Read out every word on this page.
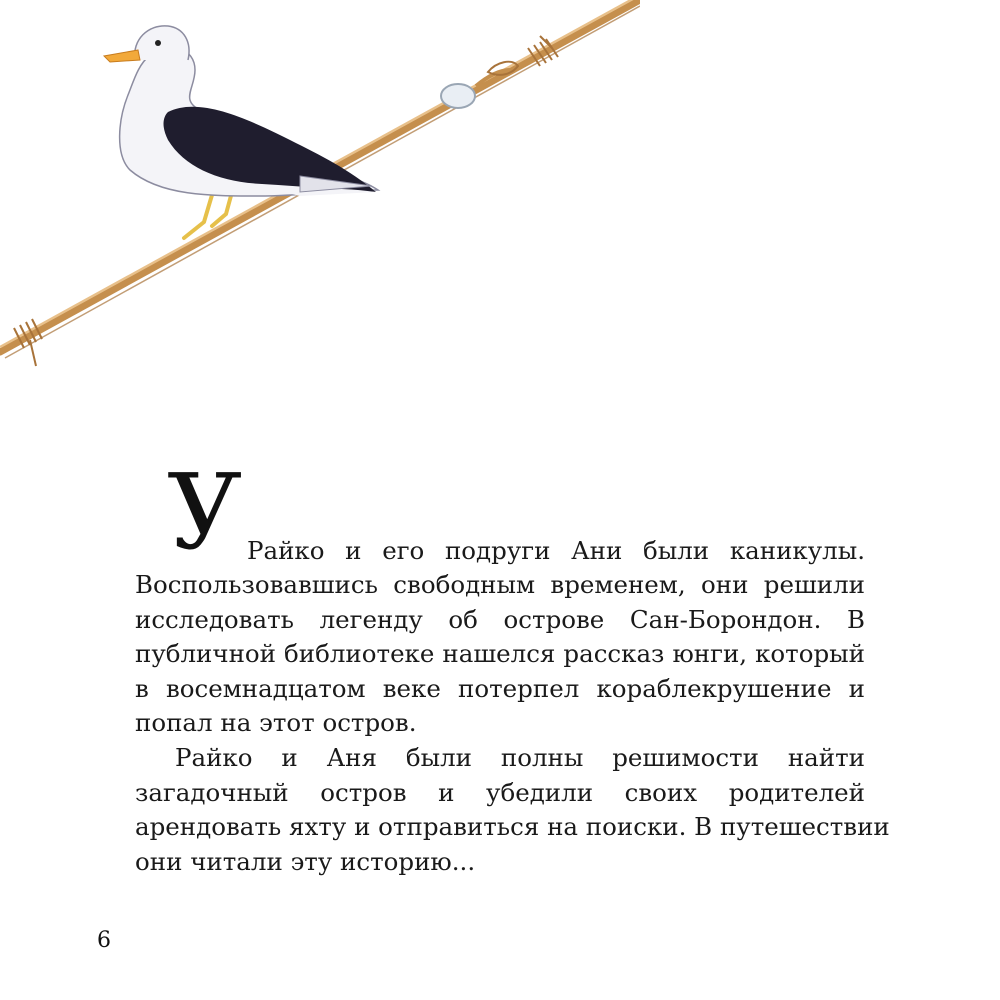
У Райко и его подруги Ани были каникулы.

Воспользовавшись свободным временем, они решили
исследовать легенду об острове Сан-Борондон. В
публичной библиотеке нашелся рассказ юнги, который
в восемнадцатом веке потерпел кораблекрушение и
попал на этот остров.

Райко и Аня были полны решимости найти
загадочный остров и убедили своих родителей
арендовать яхту и отправиться на поиски. В путешествии
они читали эту историю...

6
